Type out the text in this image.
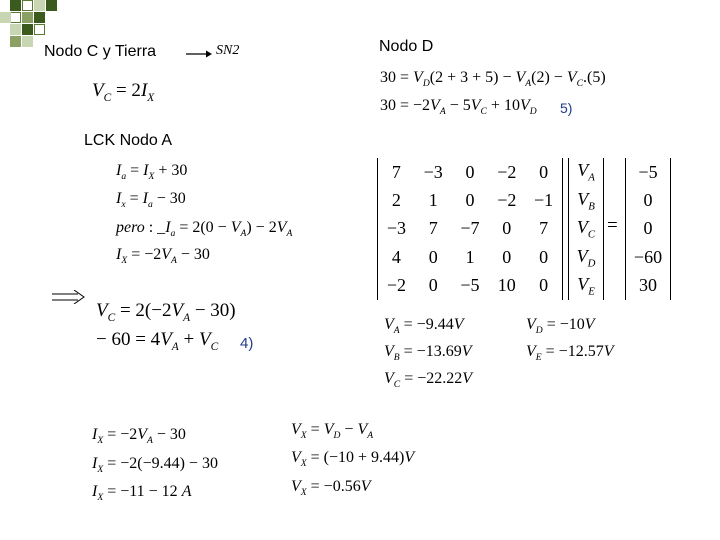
Nodo C y Tierra	SN2	Nodo D
$V_C = 2I_X$
LCK Nodo A
$I_a = I_X + 30$
$I_x = I_a - 30$
pero : $\_I_a = 2(0 - V_A) - 2V_A$
$I_X = -2V_A - 30$
$V_C = 2(-2V_A - 30)$
− $60 = 4V_A + V_C$ 4)
$30 = V_D(2 + 3 + 5) - V_A(2) - V_C.(5)$
$30 = -2V_A - 5V_C + 10V_D$ 5)
7	−3	0	−2	0
2	1	0	−2	−1
−3	7	−7	0	7
4	0	1	0	0
−2	0	−5	10	0
$V_A$
$V_B$
$V_C$
$V_D$
$V_E$
=
−5
0
0
−60
30
$V_A = -9.44V$
$V_B = -13.69V$
$V_C = -22.22V$
$V_D = -10V$
$V_E = -12.57V$
$I_X = -2V_A - 30$
$I_X = -2(-9.44) - 30$
$I_X = -11 - 12$ A
$V_X = V_D - V_A$
$V_X = (-10 + 9.44)V$
$V_X = -0.56V$
